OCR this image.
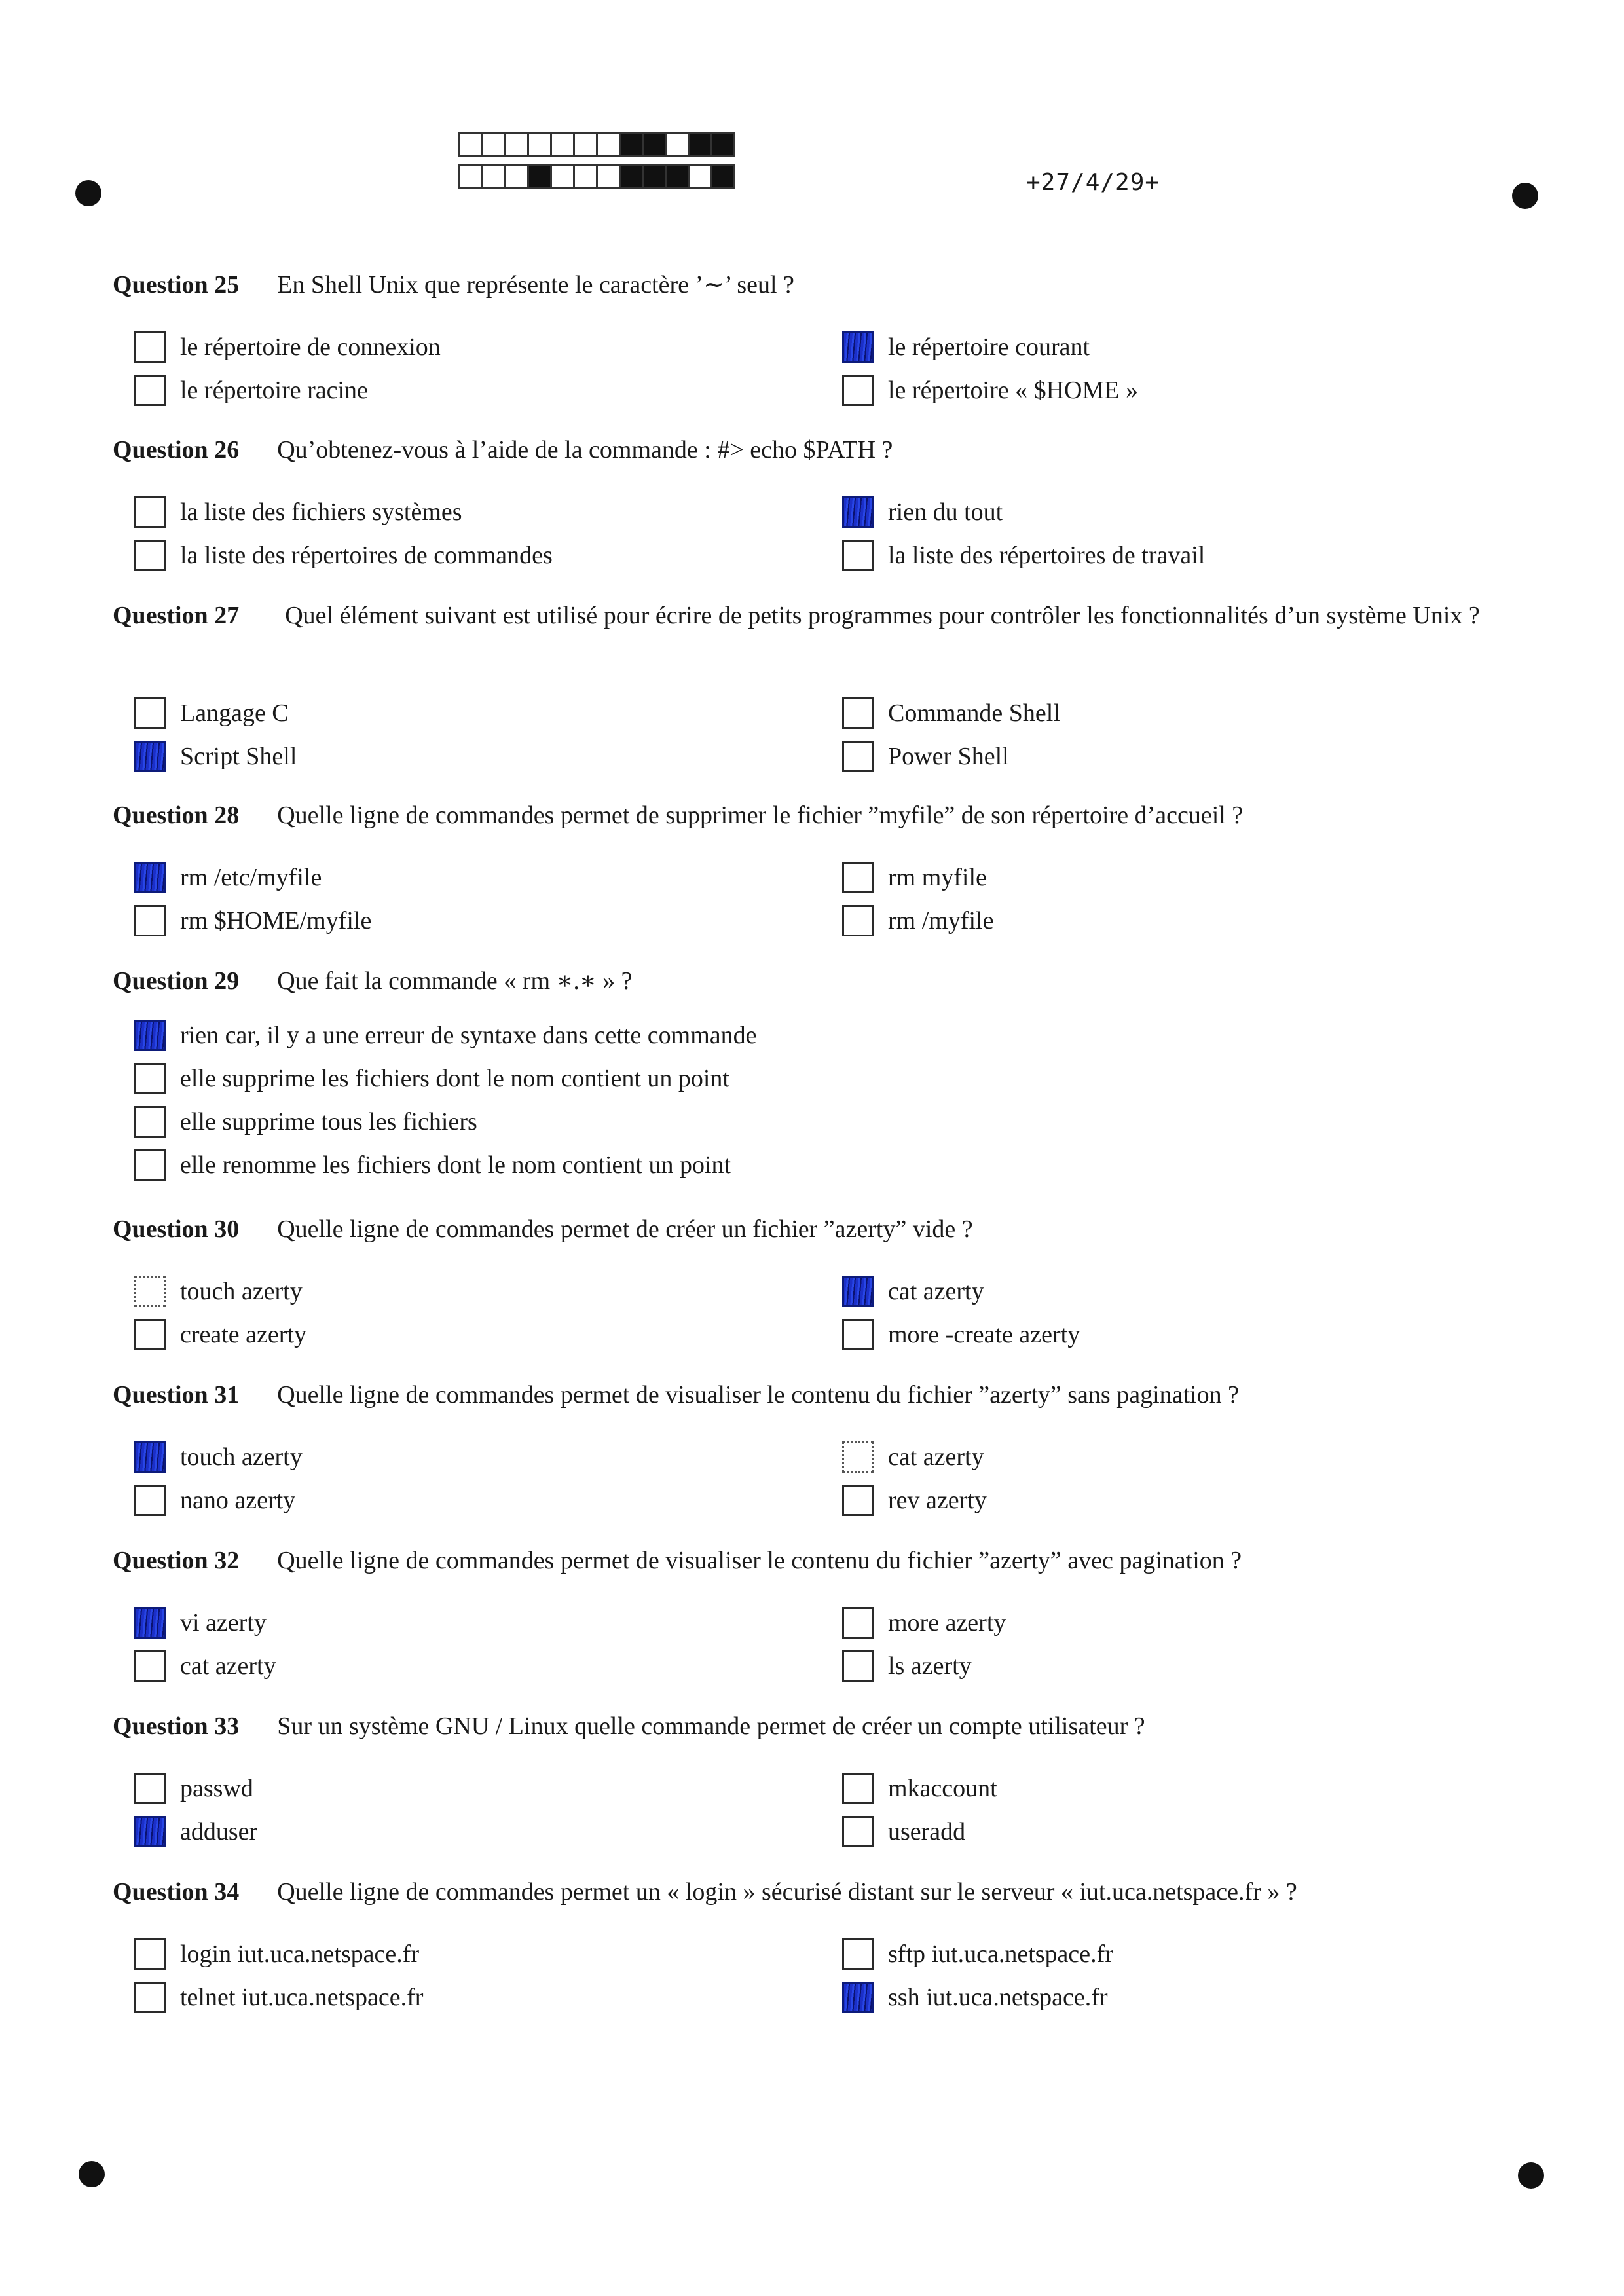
+27/4/29+
Question 25 En Shell Unix que représente le caractère ’∼’ seul ?
le répertoire de connexion	le répertoire courant
le répertoire racine	le répertoire « $HOME »
Question 26 Qu’obtenez-vous à l’aide de la commande : #> echo $PATH ?
la liste des fichiers systèmes	rien du tout
la liste des répertoires de commandes	la liste des répertoires de travail
Question 27 Quel élément suivant est utilisé pour écrire de petits programmes pour contrôler les fonctionnalités d’un système Unix ?
Langage C	Commande Shell
Script Shell	Power Shell
Question 28 Quelle ligne de commandes permet de supprimer le fichier ”myfile” de son répertoire d’accueil ?
rm /etc/myfile	rm myfile
rm $HOME/myfile	rm /myfile
Question 29 Que fait la commande « rm ∗.∗ » ?
rien car, il y a une erreur de syntaxe dans cette commande
elle supprime les fichiers dont le nom contient un point
elle supprime tous les fichiers
elle renomme les fichiers dont le nom contient un point
Question 30 Quelle ligne de commandes permet de créer un fichier ”azerty” vide ?
touch azerty	cat azerty
create azerty	more -create azerty
Question 31 Quelle ligne de commandes permet de visualiser le contenu du fichier ”azerty” sans pagination ?
touch azerty	cat azerty
nano azerty	rev azerty
Question 32 Quelle ligne de commandes permet de visualiser le contenu du fichier ”azerty” avec pagination ?
vi azerty	more azerty
cat azerty	ls azerty
Question 33 Sur un système GNU / Linux quelle commande permet de créer un compte utilisateur ?
passwd	mkaccount
adduser	useradd
Question 34 Quelle ligne de commandes permet un « login » sécurisé distant sur le serveur « iut.uca.netspace.fr » ?
login iut.uca.netspace.fr	sftp iut.uca.netspace.fr
telnet iut.uca.netspace.fr	ssh iut.uca.netspace.fr
